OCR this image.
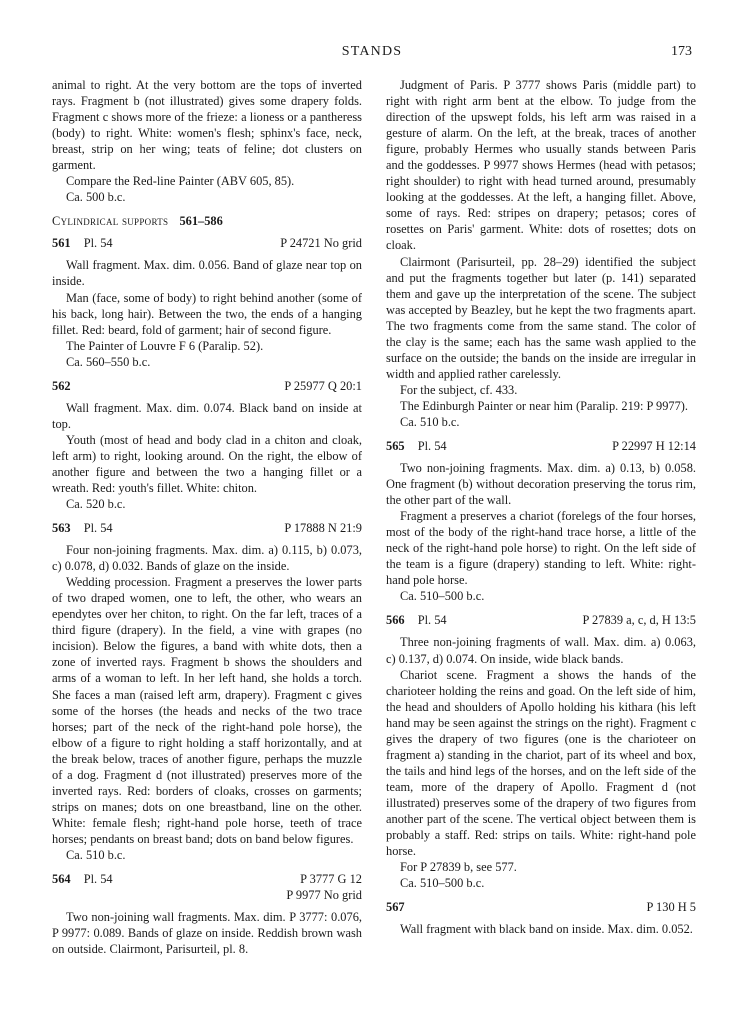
STANDS	173

animal to right. At the very bottom are the tops of inverted rays. Fragment b (not illustrated) gives some drapery folds. Fragment c shows more of the frieze: a lioness or a pantheress (body) to right. White: women's flesh; sphinx's face, neck, breast, strip on her wing; teats of feline; dot clusters on garment.

Compare the Red-line Painter (ABV 605, 85).

Ca. 500 b.c.

Cylindrical supports 561–586
561 Pl. 54	P 24721 No grid

Wall fragment. Max. dim. 0.056. Band of glaze near top on inside.

Man (face, some of body) to right behind another (some of his back, long hair). Between the two, the ends of a hanging fillet. Red: beard, fold of garment; hair of second figure.

The Painter of Louvre F 6 (Paralip. 52).

Ca. 560–550 b.c.

562	P 25977 Q 20:1

Wall fragment. Max. dim. 0.074. Black band on inside at top.

Youth (most of head and body clad in a chiton and cloak, left arm) to right, looking around. On the right, the elbow of another figure and between the two a hanging fillet or a wreath. Red: youth's fillet. White: chiton.

Ca. 520 b.c.

563 Pl. 54	P 17888 N 21:9

Four non-joining fragments. Max. dim. a) 0.115, b) 0.073, c) 0.078, d) 0.032. Bands of glaze on the inside.

Wedding procession. Fragment a preserves the lower parts of two draped women, one to left, the other, who wears an ependytes over her chiton, to right. On the far left, traces of a third figure (drapery). In the field, a vine with grapes (no incision). Below the figures, a band with white dots, then a zone of inverted rays. Fragment b shows the shoulders and arms of a woman to left. In her left hand, she holds a torch. She faces a man (raised left arm, drapery). Fragment c gives some of the horses (the heads and necks of the two trace horses; part of the neck of the right-hand pole horse), the elbow of a figure to right holding a staff horizontally, and at the break below, traces of another figure, perhaps the muzzle of a dog. Fragment d (not illustrated) preserves more of the inverted rays. Red: borders of cloaks, crosses on garments; strips on manes; dots on one breastband, line on the other. White: female flesh; right-hand pole horse, teeth of trace horses; pendants on breast band; dots on band below figures.

Ca. 510 b.c.

564 Pl. 54	P 3777 G 12
P 9977 No grid

Two non-joining wall fragments. Max. dim. P 3777: 0.076, P 9977: 0.089. Bands of glaze on inside. Reddish brown wash on outside. Clairmont, Parisurteil, pl. 8.

Judgment of Paris. P 3777 shows Paris (middle part) to right with right arm bent at the elbow. To judge from the direction of the upswept folds, his left arm was raised in a gesture of alarm. On the left, at the break, traces of another figure, probably Hermes who usually stands between Paris and the goddesses. P 9977 shows Hermes (head with petasos; right shoulder) to right with head turned around, presumably looking at the goddesses. At the left, a hanging fillet. Above, some of rays. Red: stripes on drapery; petasos; cores of rosettes on Paris' garment. White: dots of rosettes; dots on cloak.

Clairmont (Parisurteil, pp. 28–29) identified the subject and put the fragments together but later (p. 141) separated them and gave up the interpretation of the scene. The subject was accepted by Beazley, but he kept the two fragments apart. The two fragments come from the same stand. The color of the clay is the same; each has the same wash applied to the surface on the outside; the bands on the inside are irregular in width and applied rather carelessly.

For the subject, cf. 433.

The Edinburgh Painter or near him (Paralip. 219: P 9977).

Ca. 510 b.c.

565 Pl. 54	P 22997 H 12:14

Two non-joining fragments. Max. dim. a) 0.13, b) 0.058. One fragment (b) without decoration preserving the torus rim, the other part of the wall.

Fragment a preserves a chariot (forelegs of the four horses, most of the body of the right-hand trace horse, a little of the neck of the right-hand pole horse) to right. On the left side of the team is a figure (drapery) standing to left. White: right-hand pole horse.

Ca. 510–500 b.c.

566 Pl. 54	P 27839 a, c, d, H 13:5

Three non-joining fragments of wall. Max. dim. a) 0.063, c) 0.137, d) 0.074. On inside, wide black bands.

Chariot scene. Fragment a shows the hands of the charioteer holding the reins and goad. On the left side of him, the head and shoulders of Apollo holding his kithara (his left hand may be seen against the strings on the right). Fragment c gives the drapery of two figures (one is the charioteer on fragment a) standing in the chariot, part of its wheel and box, the tails and hind legs of the horses, and on the left side of the team, more of the drapery of Apollo. Fragment d (not illustrated) preserves some of the drapery of two figures from another part of the scene. The vertical object between them is probably a staff. Red: strips on tails. White: right-hand pole horse.

For P 27839 b, see 577.

Ca. 510–500 b.c.

567	P 130 H 5

Wall fragment with black band on inside. Max. dim. 0.052.
